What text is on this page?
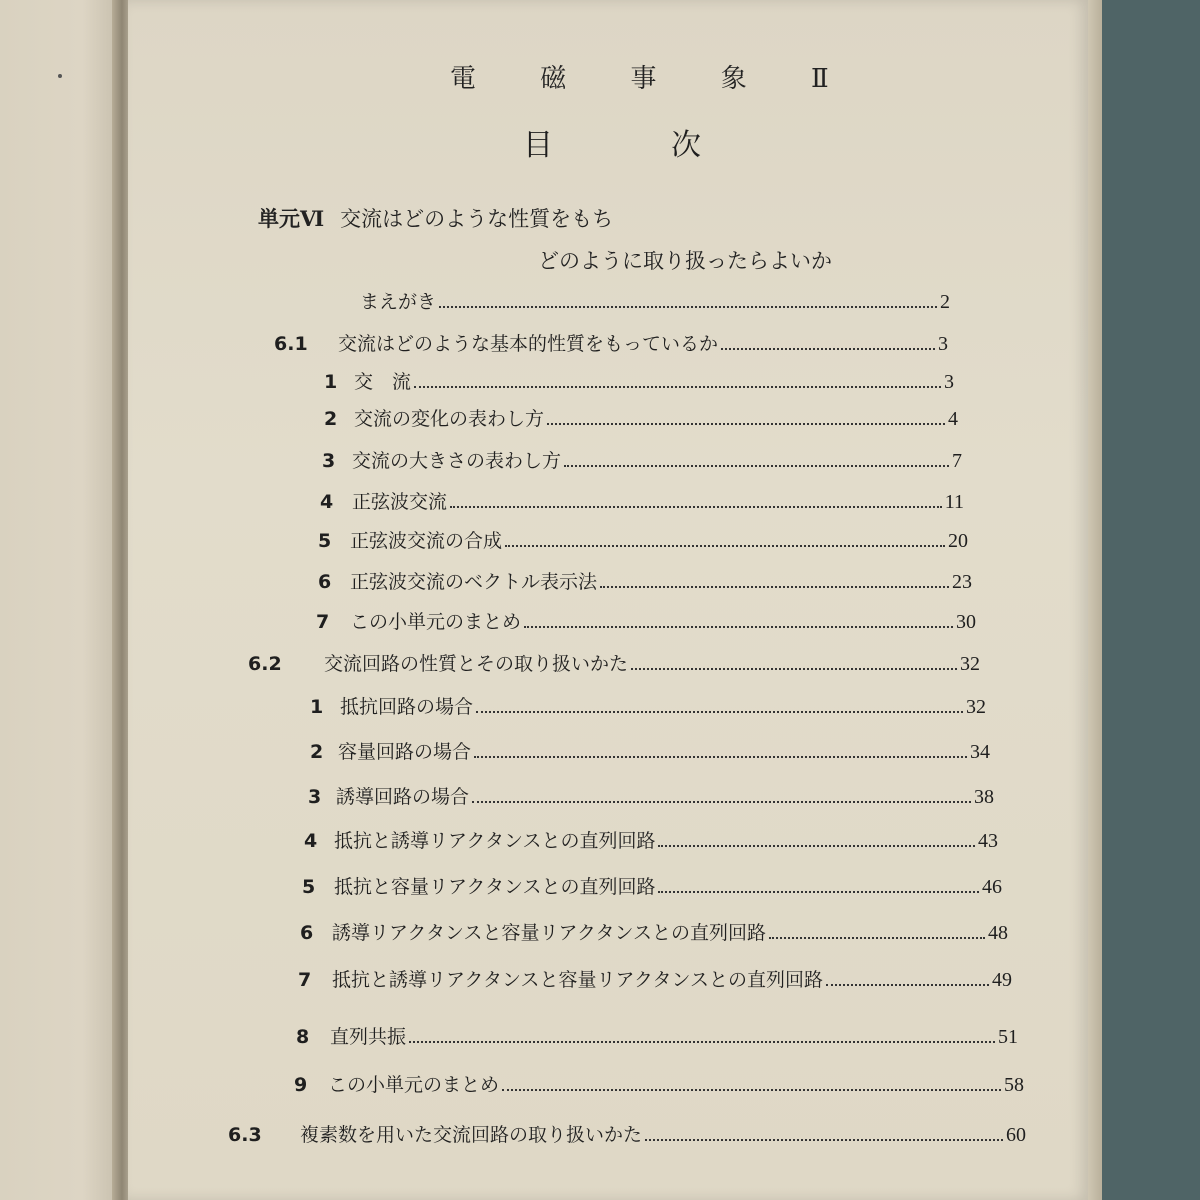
電 磁 事 象 Ⅱ
目次
単元Ⅵ 交流はどのような性質をもち
どのように取り扱ったらよいか
まえがき	2
6.1	交流はどのような基本的性質をもっているか	3
1 交　流	3
2 交流の変化の表わし方	4
3 交流の大きさの表わし方	7
4 正弦波交流	11
5 正弦波交流の合成	20
6 正弦波交流のベクトル表示法	23
7	この小単元のまとめ	30
6.2	交流回路の性質とその取り扱いかた	32
1 抵抗回路の場合	32
2 容量回路の場合	34
3 誘導回路の場合	38
4 抵抗と誘導リアクタンスとの直列回路	43
5 抵抗と容量リアクタンスとの直列回路	46
6 誘導リアクタンスと容量リアクタンスとの直列回路	48
7	抵抗と誘導リアクタンスと容量リアクタンスとの直列回路	49
8	直列共振	51
9	この小単元のまとめ	58
6.3	複素数を用いた交流回路の取り扱いかた	60
